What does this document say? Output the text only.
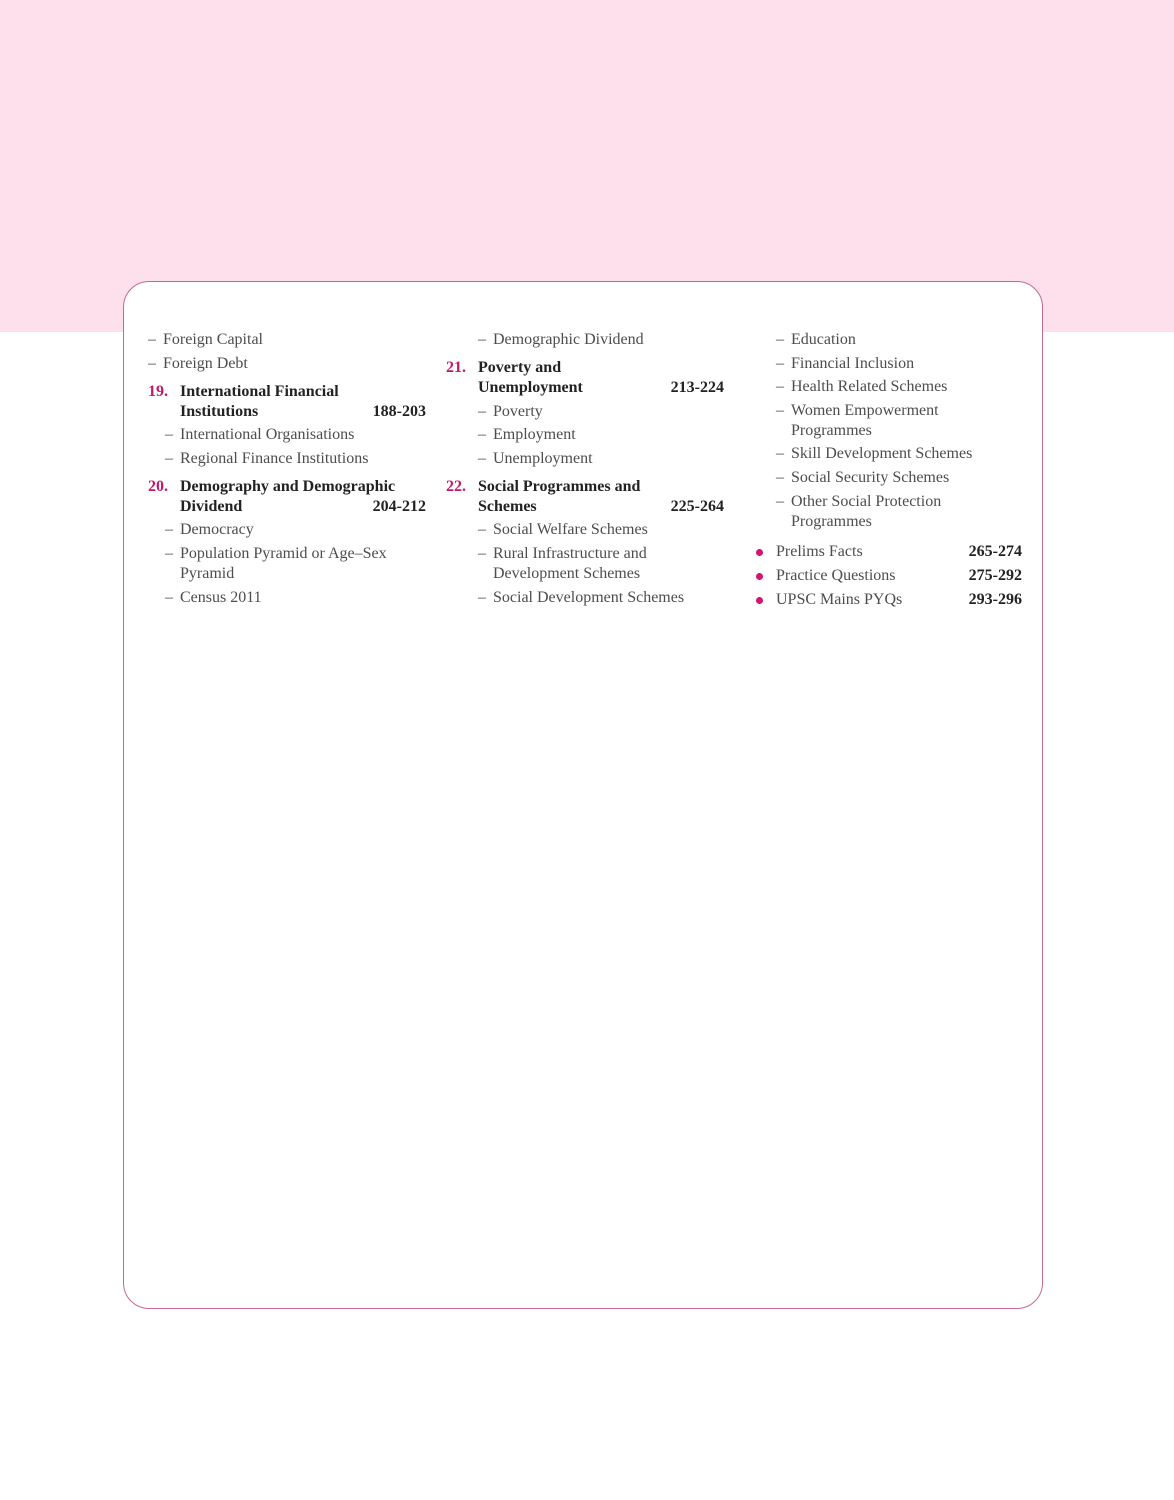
– Foreign Capital
– Foreign Debt
19. International Financial
Institutions	188-203
– International Organisations
– Regional Finance Institutions
20. Demography and Demographic
Dividend	204-212
– Democracy
– Population Pyramid or Age–Sex
Pyramid
– Census 2011
– Demographic Dividend
21. Poverty and
Unemployment	213-224
– Poverty
– Employment
– Unemployment
22. Social Programmes and
Schemes	225-264
– Social Welfare Schemes
– Rural Infrastructure and
Development Schemes
– Social Development Schemes
– Education
– Financial Inclusion
– Health Related Schemes
– Women Empowerment
Programmes
– Skill Development Schemes
– Social Security Schemes
– Other Social Protection
Programmes
Prelims Facts	265-274
Practice Questions	275-292
UPSC Mains PYQs	293-296
